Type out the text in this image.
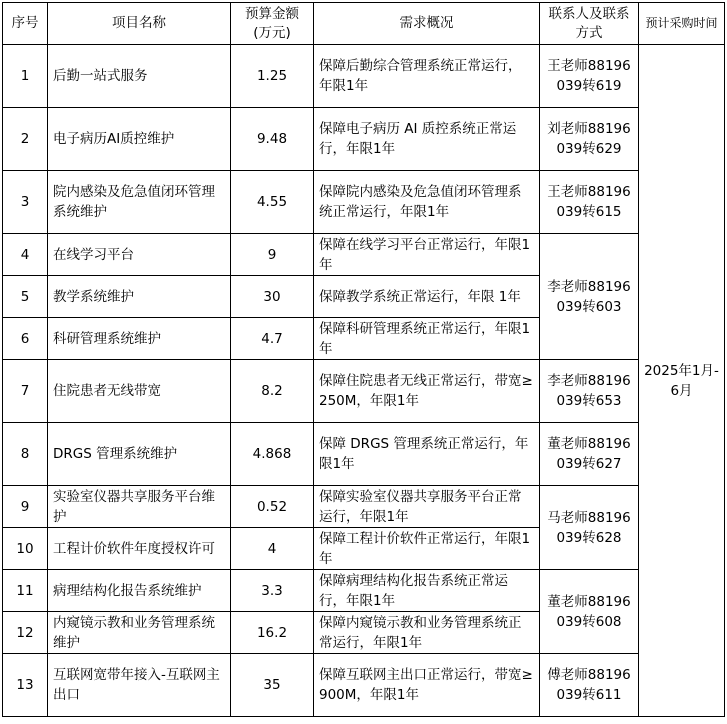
序号	项目名称	预算金额(万元)	需求概况	联系人及联系方式	预计采购时间
1	后勤一站式服务	1.25	保障后勤综合管理系统正常运行，年限1年	王老师88196039转619	2025年1月-6月
2	电子病历AI质控维护	9.48	保障电子病历 AI 质控系统正常运行，年限1年	刘老师88196039转629	
3	院内感染及危急值闭环管理系统维护	4.55	保障院内感染及危急值闭环管理系统正常运行，年限1年	王老师88196039转615	
4	在线学习平台	9	保障在线学习平台正常运行，年限1年	李老师88196039转603	
5	教学系统维护	30	保障教学系统正常运行，年限 1年		
6	科研管理系统维护	4.7	保障科研管理系统正常运行，年限1年		
7	住院患者无线带宽	8.2	保障住院患者无线正常运行，带宽≥250M，年限1年	李老师88196039转653	
8	DRGS 管理系统维护	4.868	保障 DRGS 管理系统正常运行，年限1年	董老师88196039转627	
9	实验室仪器共享服务平台维护	0.52	保障实验室仪器共享服务平台正常运行，年限1年	马老师88196039转628	
10	工程计价软件年度授权许可	4	保障工程计价软件正常运行，年限1年		
11	病理结构化报告系统维护	3.3	保障病理结构化报告系统正常运行，年限1年	董老师88196039转608	
12	内窥镜示教和业务管理系统维护	16.2	保障内窥镜示教和业务管理系统正常运行，年限1年		
13	互联网宽带年接入-互联网主出口	35	保障互联网主出口正常运行，带宽≥900M，年限1年	傅老师88196039转611	
